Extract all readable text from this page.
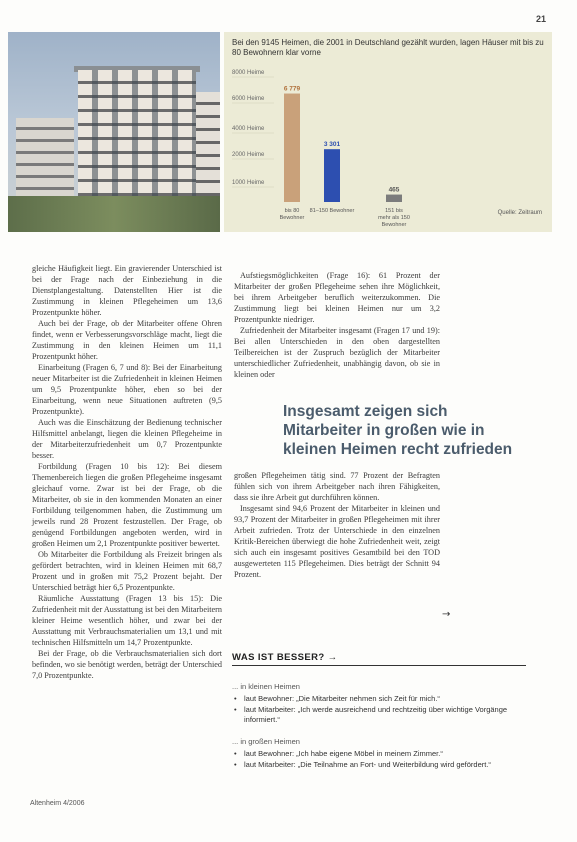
21
Bei den 9145 Heimen, die 2001 in Deutschland gezählt wurden, lagen Häuser mit bis zu 80 Bewohnern klar vorne
8000 Heime
6000 Heime
4000 Heime
2000 Heime
1000 Heime
6 779
bis 80
Bewohner
3 301
81–150 Bewohner
465
151 bis
mehr als 150
Bewohner
Quelle: Zeitraum

gleiche Häufigkeit liegt. Ein gravierender Unterschied ist bei der Frage nach der Einbeziehung in die Dienstplangestaltung. Datenstellten Hier ist die Zustimmung in kleinen Pflegeheimen um 13,6 Prozentpunkte höher.

Auch bei der Frage, ob der Mitarbeiter offene Ohren findet, wenn er Verbesserungsvorschläge macht, liegt die Zustimmung in den kleinen Heimen um 11,1 Prozentpunkt höher.

Einarbeitung (Fragen 6, 7 und 8): Bei der Einarbeitung neuer Mitarbeiter ist die Zufriedenheit in kleinen Heimen um 9,5 Prozentpunkte höher, eben so bei der Einarbeitung, wenn neue Situationen auftreten (9,5 Prozentpunkte).

Auch was die Einschätzung der Bedienung technischer Hilfsmittel anbelangt, liegen die kleinen Pflegeheime in der Mitarbeiterzufriedenheit um 0,7 Prozentpunkte besser.

Fortbildung (Fragen 10 bis 12): Bei diesem Themenbereich liegen die großen Pflegeheime insgesamt gleichauf vorne. Zwar ist bei der Frage, ob die Mitarbeiter, ob sie in den kommenden Monaten an einer Fortbildung teilgenommen haben, die Zustimmung um jeweils rund 28 Prozent festzustellen. Der Frage, ob genügend Fortbildungen angeboten werden, wird in großen Heimen um 2,1 Prozentpunkte positiver bewertet.

Ob Mitarbeiter die Fortbildung als Freizeit bringen als gefördert betrachten, wird in kleinen Heimen mit 68,7 Prozent und in großen mit 75,2 Prozent bejaht. Der Unterschied beträgt hier 6,5 Prozentpunkte.

Räumliche Ausstattung (Fragen 13 bis 15): Die Zufriedenheit mit der Ausstattung ist bei den Mitarbeitern kleiner Heime wesentlich höher, und zwar bei der Ausstattung mit Verbrauchsmaterialien um 13,1 und mit technischen Hilfsmitteln um 14,7 Prozentpunkte.

Bei der Frage, ob die Verbrauchsmaterialien sich dort befinden, wo sie benötigt werden, beträgt der Unterschied 7,0 Prozentpunkte.

Aufstiegsmöglichkeiten (Frage 16): 61 Prozent der Mitarbeiter der großen Pflegeheime sehen ihre Möglichkeit, bei ihrem Arbeitgeber beruflich weiterzukommen. Die Zustimmung liegt bei kleinen Heimen nur um 3,2 Prozentpunkte niedriger.

Zufriedenheit der Mitarbeiter insgesamt (Fragen 17 und 19): Bei allen Unterschieden in den oben dargestellten Teilbereichen ist der Zuspruch bezüglich der Mitarbeiter unterschiedlicher Zufriedenheit, unabhängig davon, ob sie in kleinen oder

Insgesamt zeigen sich Mitarbeiter in großen wie in kleinen Heimen recht zufrieden

großen Pflegeheimen tätig sind. 77 Prozent der Befragten fühlen sich von ihrem Arbeitgeber nach ihren Fähigkeiten, dass sie ihre Arbeit gut durchführen können.

Insgesamt sind 94,6 Prozent der Mitarbeiter in kleinen und 93,7 Prozent der Mitarbeiter in großen Pflegeheimen mit ihrer Arbeit zufrieden. Trotz der Unterschiede in den einzelnen Kritik-Bereichen überwiegt die hohe Zufriedenheit weit, zeigt sich auch ein insgesamt positives Gesamtbild bei den TOD ausgewerteten 115 Pflegeheimen. Dies beträgt der Schnitt 94 Prozent.

→
WAS IST BESSER? →
... in kleinen Heimen
• laut Bewohner: „Die Mitarbeiter nehmen sich Zeit für mich.“
• laut Mitarbeiter: „Ich werde ausreichend und rechtzeitig über wichtige Vorgänge informiert.“
... in großen Heimen
• laut Bewohner: „Ich habe eigene Möbel in meinem Zimmer.“
• laut Mitarbeiter: „Die Teilnahme an Fort- und Weiterbildung wird gefördert.“
Altenheim 4/2006
